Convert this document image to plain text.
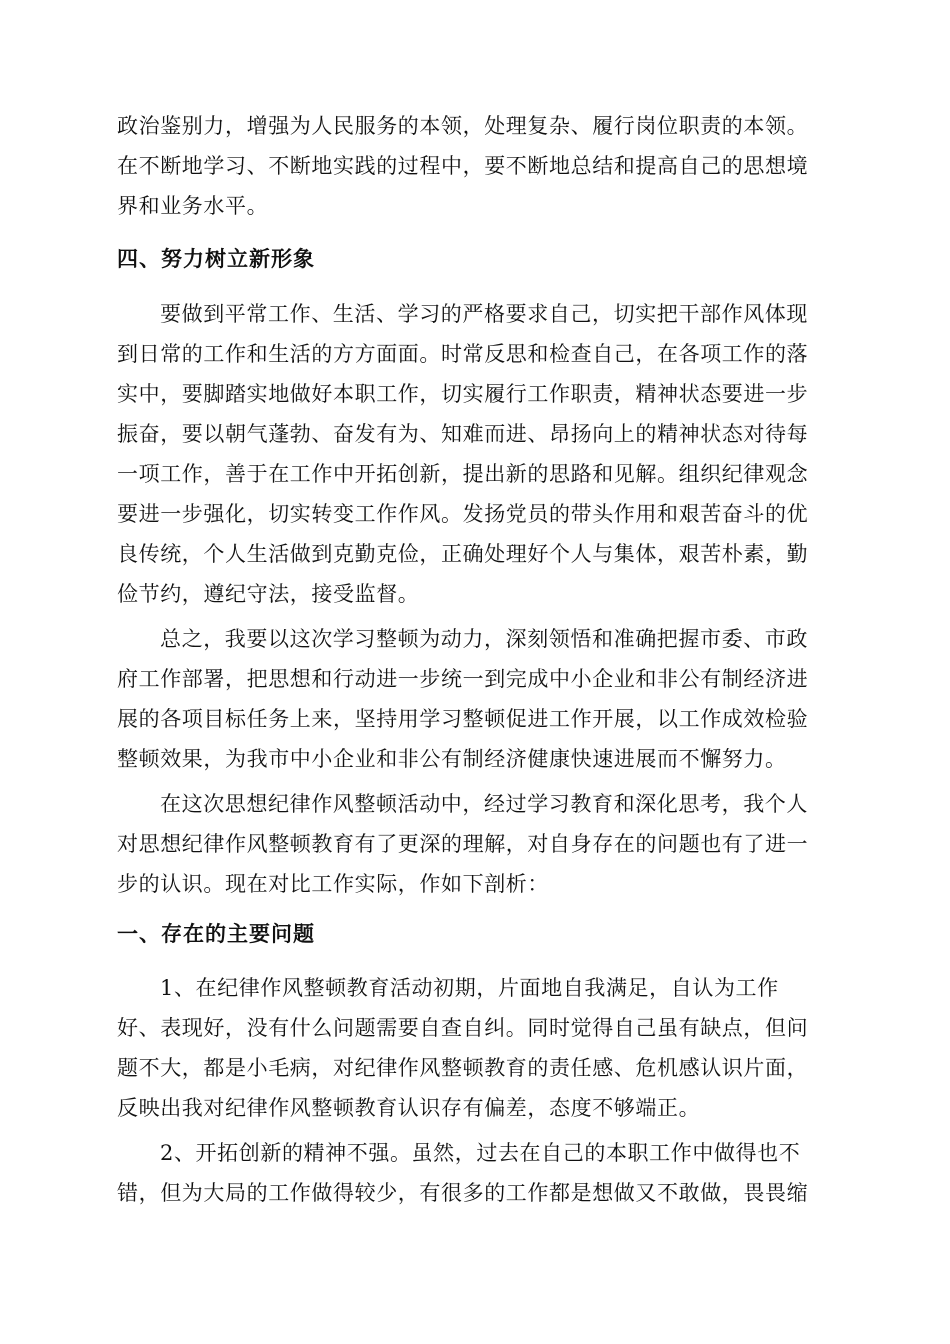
政治鉴别力，增强为人民服务的本领，处理复杂、履行岗位职责的本领。
在不断地学习、不断地实践的过程中，要不断地总结和提高自己的思想境
界和业务水平。
四、努力树立新形象
要做到平常工作、生活、学习的严格要求自己，切实把干部作风体现
到日常的工作和生活的方方面面。时常反思和检查自己，在各项工作的落
实中，要脚踏实地做好本职工作，切实履行工作职责，精神状态要进一步
振奋，要以朝气蓬勃、奋发有为、知难而进、昂扬向上的精神状态对待每
一项工作，善于在工作中开拓创新，提出新的思路和见解。组织纪律观念
要进一步强化，切实转变工作作风。发扬党员的带头作用和艰苦奋斗的优
良传统，个人生活做到克勤克俭，正确处理好个人与集体，艰苦朴素，勤
俭节约，遵纪守法，接受监督。
总之，我要以这次学习整顿为动力，深刻领悟和准确把握市委、市政
府工作部署，把思想和行动进一步统一到完成中小企业和非公有制经济进
展的各项目标任务上来，坚持用学习整顿促进工作开展，以工作成效检验
整顿效果，为我市中小企业和非公有制经济健康快速进展而不懈努力。
在这次思想纪律作风整顿活动中，经过学习教育和深化思考，我个人
对思想纪律作风整顿教育有了更深的理解，对自身存在的问题也有了进一
步的认识。现在对比工作实际，作如下剖析：
一、存在的主要问题
1、在纪律作风整顿教育活动初期，片面地自我满足，自认为工作
好、表现好，没有什么问题需要自查自纠。同时觉得自己虽有缺点，但问
题不大，都是小毛病，对纪律作风整顿教育的责任感、危机感认识片面，
反映出我对纪律作风整顿教育认识存有偏差，态度不够端正。
2、开拓创新的精神不强。虽然，过去在自己的本职工作中做得也不
错，但为大局的工作做得较少，有很多的工作都是想做又不敢做，畏畏缩
